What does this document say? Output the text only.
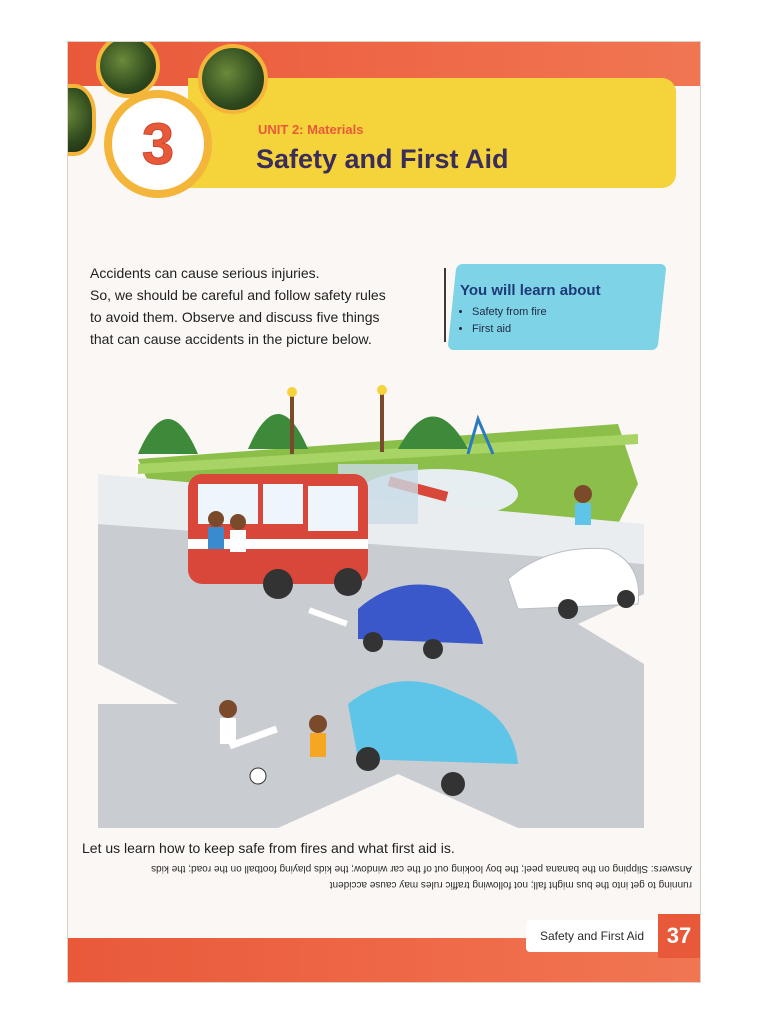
3	UNIT 2: Materials
Safety and First Aid
Accidents can cause serious injuries.
So, we should be careful and follow safety rules
to avoid them. Observe and discuss five things
that can cause accidents in the picture below.
You will learn about
• Safety from fire
• First aid
Let us learn how to keep safe from fires and what first aid is.
running to get into the bus might fall; not following traffic rules may cause accident
Answers: Slipping on the banana peel; the boy looking out of the car window; the kids playing football on the road; the kids
Safety and First Aid	37
